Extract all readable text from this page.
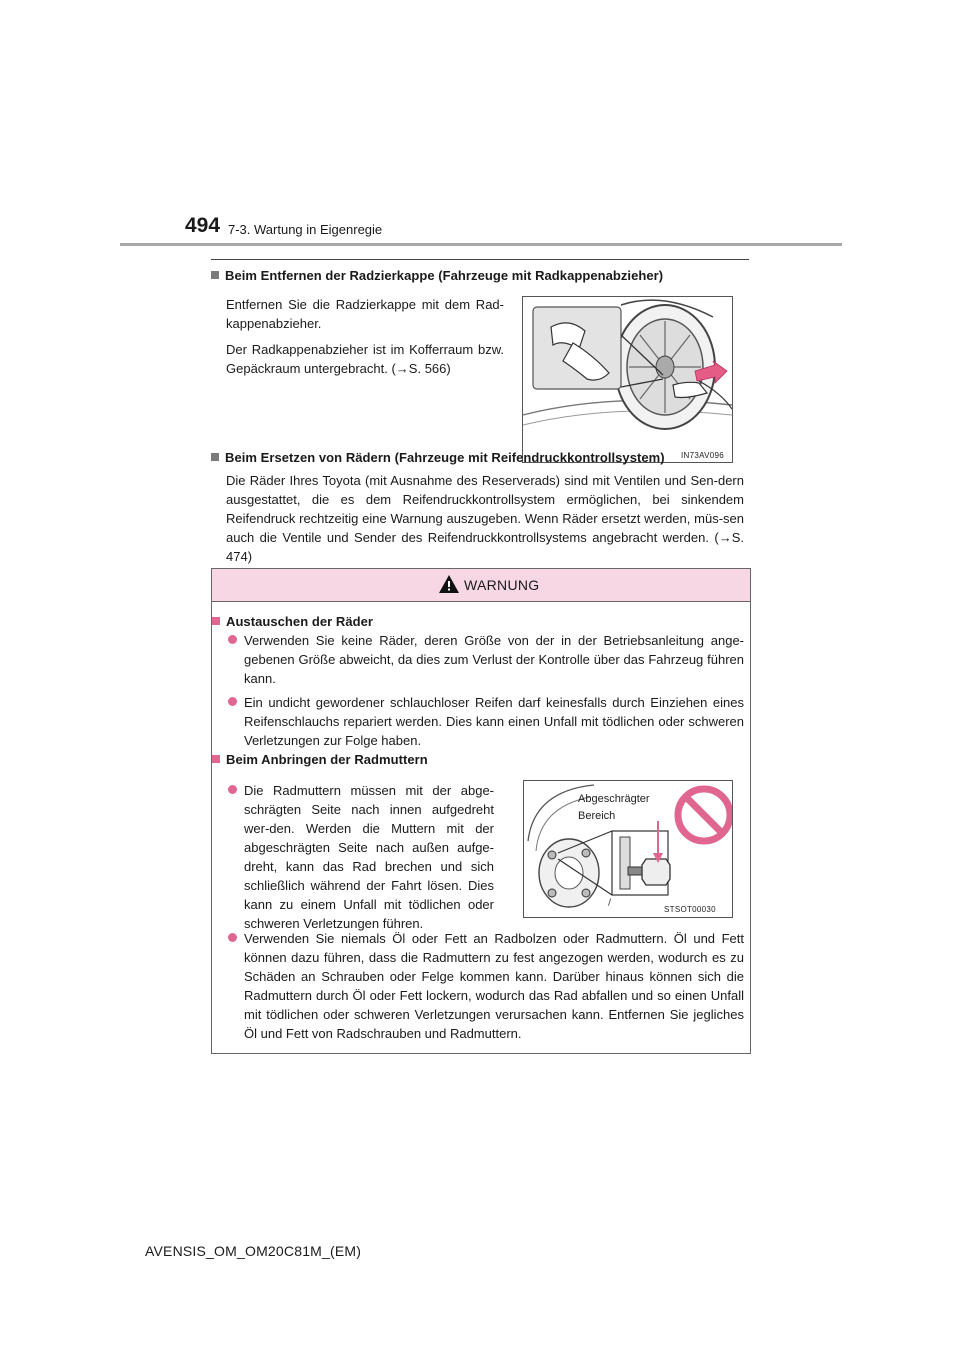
494 7-3. Wartung in Eigenregie
Beim Entfernen der Radzierkappe (Fahrzeuge mit Radkappenabzieher)

Entfernen Sie die Radzierkappe mit dem Rad-kappenabzieher.

Der Radkappenabzieher ist im Kofferraum bzw. Gepäckraum untergebracht. (→S. 566)

IN73AV096
Beim Ersetzen von Rädern (Fahrzeuge mit Reifendruckkontrollsystem)

Die Räder Ihres Toyota (mit Ausnahme des Reserverads) sind mit Ventilen und Sen-dern ausgestattet, die es dem Reifendruckkontrollsystem ermöglichen, bei sinkendem Reifendruck rechtzeitig eine Warnung auszugeben. Wenn Räder ersetzt werden, müs-sen auch die Ventile und Sender des Reifendruckkontrollsystems angebracht werden. (→S. 474)

WARNUNG
Austauschen der Räder
Verwenden Sie keine Räder, deren Größe von der in der Betriebsanleitung ange-gebenen Größe abweicht, da dies zum Verlust der Kontrolle über das Fahrzeug führen kann.
Ein undicht gewordener schlauchloser Reifen darf keinesfalls durch Einziehen eines Reifenschlauchs repariert werden. Dies kann einen Unfall mit tödlichen oder schweren Verletzungen zur Folge haben.
Beim Anbringen der Radmuttern
Die Radmuttern müssen mit der abge-schrägten Seite nach innen aufgedreht wer-den. Werden die Muttern mit der abgeschrägten Seite nach außen aufge-dreht, kann das Rad brechen und sich schließlich während der Fahrt lösen. Dies kann zu einem Unfall mit tödlichen oder schweren Verletzungen führen.
/
Abgeschrägter
Bereich
STSOT00030
Verwenden Sie niemals Öl oder Fett an Radbolzen oder Radmuttern. Öl und Fett können dazu führen, dass die Radmuttern zu fest angezogen werden, wodurch es zu Schäden an Schrauben oder Felge kommen kann. Darüber hinaus können sich die Radmuttern durch Öl oder Fett lockern, wodurch das Rad abfallen und so einen Unfall mit tödlichen oder schweren Verletzungen verursachen kann. Entfernen Sie jegliches Öl und Fett von Radschrauben und Radmuttern.
AVENSIS_OM_OM20C81M_(EM)
